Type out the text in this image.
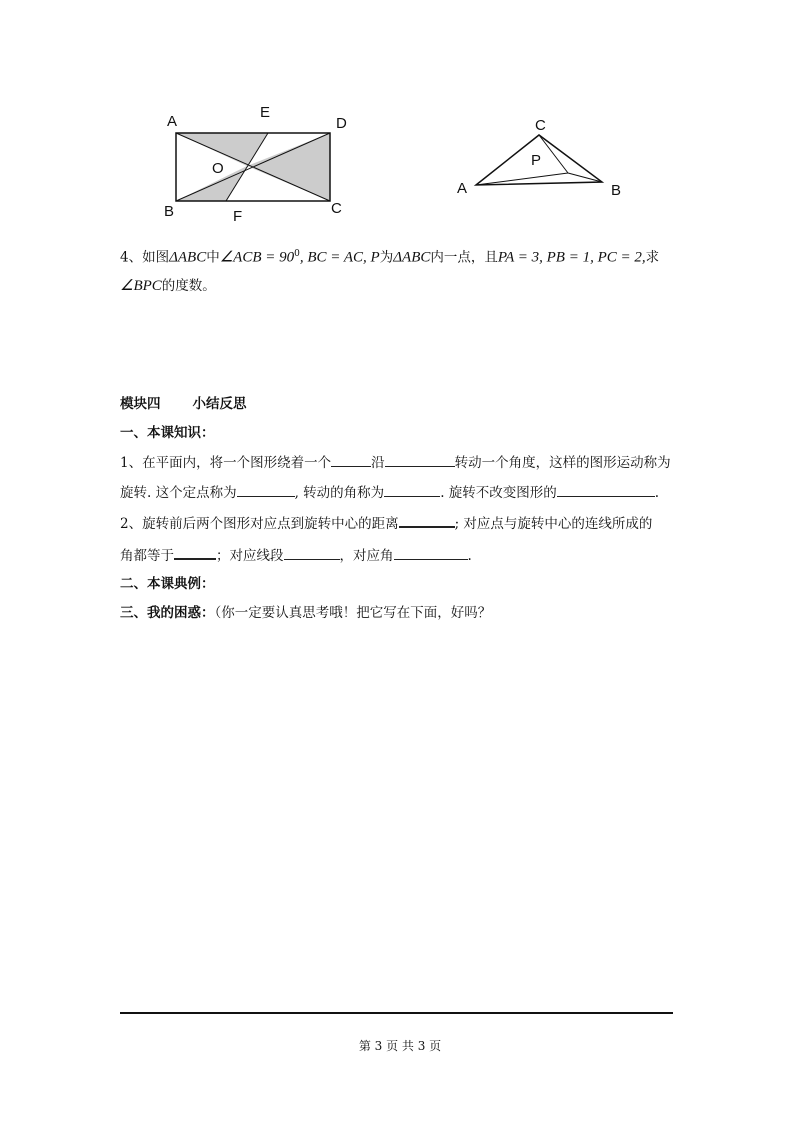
A
E
D
O
B	F	C
C
P
A	B
4、如图ΔABC中∠ACB = $90^0$, BC = AC, P为ΔABC内一点，且PA = 3, PB = 1, PC = 2,求
∠BPC的度数。
模块四 小结反思
一、本课知识：
1、在平面内，将一个图形绕着一个	沿	转动一个角度，这样的图形运动称为
旋转. 这个定点称为	, 转动的角称为	. 旋转不改变图形的	.
2、旋转前后两个图形对应点到旋转中心的距离	; 对应点与旋转中心的连线所成的
角都等于	；对应线段	，对应角	.
二、本课典例：
三、我的困惑：（你一定要认真思考哦！把它写在下面，好吗？
第 3 页 共 3 页
